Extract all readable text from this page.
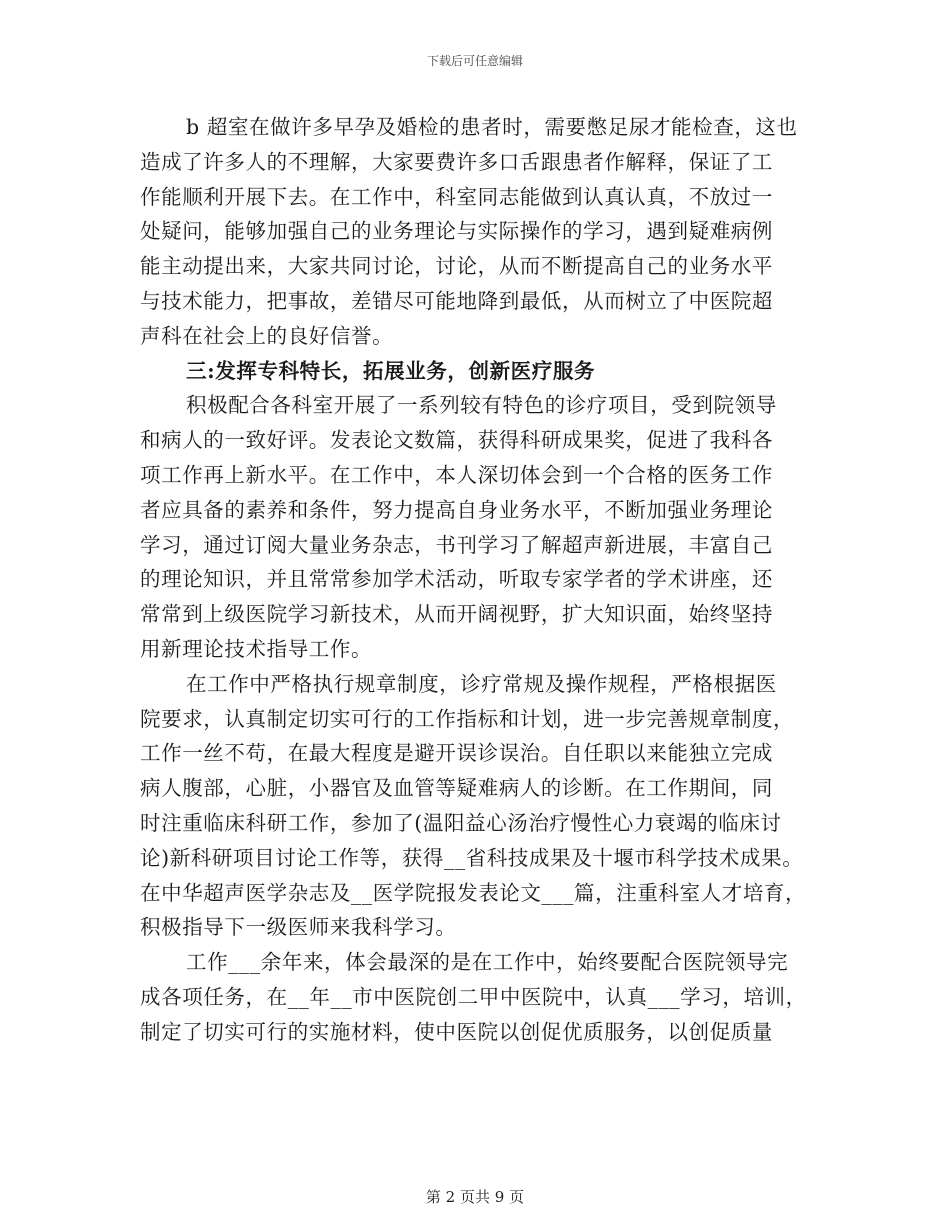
下载后可任意编辑
b 超室在做许多早孕及婚检的患者时，需要憋足尿才能检查，这也
造成了许多人的不理解，大家要费许多口舌跟患者作解释，保证了工
作能顺利开展下去。在工作中，科室同志能做到认真认真，不放过一
处疑问，能够加强自己的业务理论与实际操作的学习，遇到疑难病例
能主动提出来，大家共同讨论，讨论，从而不断提高自己的业务水平
与技术能力，把事故，差错尽可能地降到最低，从而树立了中医院超
声科在社会上的良好信誉。
三:发挥专科特长，拓展业务，创新医疗服务
积极配合各科室开展了一系列较有特色的诊疗项目，受到院领导
和病人的一致好评。发表论文数篇，获得科研成果奖，促进了我科各
项工作再上新水平。在工作中，本人深切体会到一个合格的医务工作
者应具备的素养和条件，努力提高自身业务水平，不断加强业务理论
学习，通过订阅大量业务杂志，书刊学习了解超声新进展，丰富自己
的理论知识，并且常常参加学术活动，听取专家学者的学术讲座，还
常常到上级医院学习新技术，从而开阔视野，扩大知识面，始终坚持
用新理论技术指导工作。
在工作中严格执行规章制度，诊疗常规及操作规程，严格根据医
院要求，认真制定切实可行的工作指标和计划，进一步完善规章制度，
工作一丝不苟，在最大程度是避开误诊误治。自任职以来能独立完成
病人腹部，心脏，小器官及血管等疑难病人的诊断。在工作期间，同
时注重临床科研工作，参加了(温阳益心汤治疗慢性心力衰竭的临床讨
论)新科研项目讨论工作等，获得__省科技成果及十堰市科学技术成果。
在中华超声医学杂志及__医学院报发表论文___篇，注重科室人才培育，
积极指导下一级医师来我科学习。
工作___余年来，体会最深的是在工作中，始终要配合医院领导完
成各项任务，在__年__市中医院创二甲中医院中，认真___学习，培训，
制定了切实可行的实施材料，使中医院以创促优质服务，以创促质量
第 2 页共 9 页
